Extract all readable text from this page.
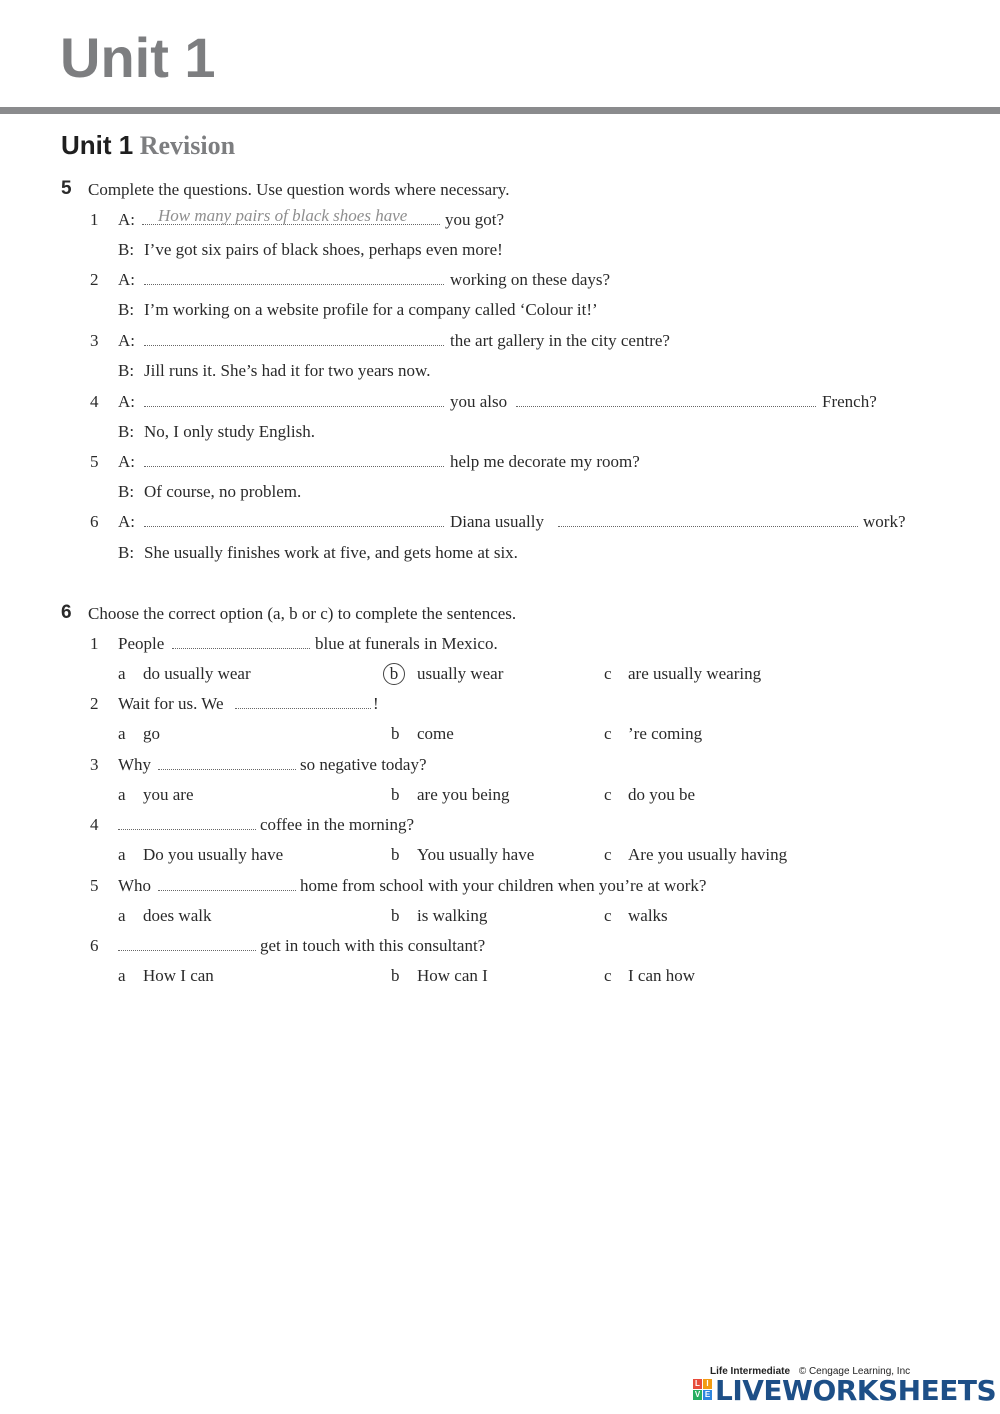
Unit 1
Unit 1 Revision
5 Complete the questions. Use question words where necessary.
1 A:	you got?
How many pairs of black shoes have
B: I’ve got six pairs of black shoes, perhaps even more!
2 A:	working on these days?
B: I’m working on a website profile for a company called ‘Colour it!’
3 A:	the art gallery in the city centre?
B: Jill runs it. She’s had it for two years now.
4 A:	you also	French?
B: No, I only study English.
5 A:	help me decorate my room?
B: Of course, no problem.
6 A:	Diana usually	work?
B: She usually finishes work at five, and gets home at six.
6 Choose the correct option (a, b or c) to complete the sentences.
1 People	blue at funerals in Mexico.
a do usually wear	b	usually wear	c are usually wearing
2 Wait for us. We	!
a go	b come	c ’re coming
3 Why	so negative today?
a you are	b are you being	c do you be
4	coffee in the morning?
a Do you usually have	b You usually have	c Are you usually having
5 Who	home from school with your children when you’re at work?
a does walk	b is walking	c walks
6	get in touch with this consultant?
a How I can	b How can I	c I can how
Life Intermediate © Cengage Learning, Inc
L I
V E LIVEWORKSHEETS
